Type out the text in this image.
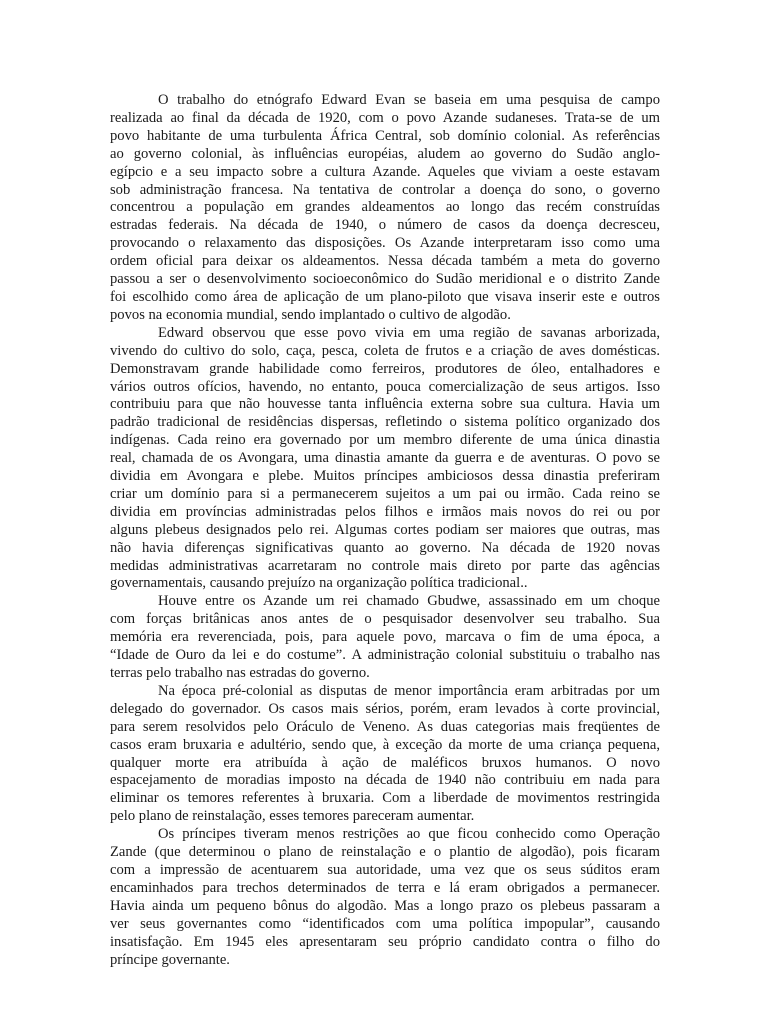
O trabalho do etnógrafo Edward Evan se baseia em uma pesquisa de campo
realizada ao final da década de 1920, com o povo Azande sudaneses. Trata-se de um
povo habitante de uma turbulenta África Central, sob domínio colonial. As referências
ao governo colonial, às influências européias, aludem ao governo do Sudão anglo-
egípcio e a seu impacto sobre a cultura Azande. Aqueles que viviam a oeste estavam
sob administração francesa. Na tentativa de controlar a doença do sono, o governo
concentrou a população em grandes aldeamentos ao longo das recém construídas
estradas federais. Na década de 1940, o número de casos da doença decresceu,
provocando o relaxamento das disposições. Os Azande interpretaram isso como uma
ordem oficial para deixar os aldeamentos. Nessa década também a meta do governo
passou a ser o desenvolvimento socioeconômico do Sudão meridional e o distrito Zande
foi escolhido como área de aplicação de um plano-piloto que visava inserir este e outros
povos na economia mundial, sendo implantado o cultivo de algodão.
Edward observou que esse povo vivia em uma região de savanas arborizada,
vivendo do cultivo do solo, caça, pesca, coleta de frutos e a criação de aves domésticas.
Demonstravam grande habilidade como ferreiros, produtores de óleo, entalhadores e
vários outros ofícios, havendo, no entanto, pouca comercialização de seus artigos. Isso
contribuiu para que não houvesse tanta influência externa sobre sua cultura. Havia um
padrão tradicional de residências dispersas, refletindo o sistema político organizado dos
indígenas. Cada reino era governado por um membro diferente de uma única dinastia
real, chamada de os Avongara, uma dinastia amante da guerra e de aventuras. O povo se
dividia em Avongara e plebe. Muitos príncipes ambiciosos dessa dinastia preferiram
criar um domínio para si a permanecerem sujeitos a um pai ou irmão. Cada reino se
dividia em províncias administradas pelos filhos e irmãos mais novos do rei ou por
alguns plebeus designados pelo rei. Algumas cortes podiam ser maiores que outras, mas
não havia diferenças significativas quanto ao governo. Na década de 1920 novas
medidas administrativas acarretaram no controle mais direto por parte das agências
governamentais, causando prejuízo na organização política tradicional..
Houve entre os Azande um rei chamado Gbudwe, assassinado em um choque
com forças britânicas anos antes de o pesquisador desenvolver seu trabalho. Sua
memória era reverenciada, pois, para aquele povo, marcava o fim de uma época, a
“Idade de Ouro da lei e do costume”. A administração colonial substituiu o trabalho nas
terras pelo trabalho nas estradas do governo.
Na época pré-colonial as disputas de menor importância eram arbitradas por um
delegado do governador. Os casos mais sérios, porém, eram levados à corte provincial,
para serem resolvidos pelo Oráculo de Veneno. As duas categorias mais freqüentes de
casos eram bruxaria e adultério, sendo que, à exceção da morte de uma criança pequena,
qualquer morte era atribuída à ação de maléficos bruxos humanos. O novo
espacejamento de moradias imposto na década de 1940 não contribuiu em nada para
eliminar os temores referentes à bruxaria. Com a liberdade de movimentos restringida
pelo plano de reinstalação, esses temores pareceram aumentar.
Os príncipes tiveram menos restrições ao que ficou conhecido como Operação
Zande (que determinou o plano de reinstalação e o plantio de algodão), pois ficaram
com a impressão de acentuarem sua autoridade, uma vez que os seus súditos eram
encaminhados para trechos determinados de terra e lá eram obrigados a permanecer.
Havia ainda um pequeno bônus do algodão. Mas a longo prazo os plebeus passaram a
ver seus governantes como “identificados com uma política impopular”, causando
insatisfação. Em 1945 eles apresentaram seu próprio candidato contra o filho do
príncipe governante.
